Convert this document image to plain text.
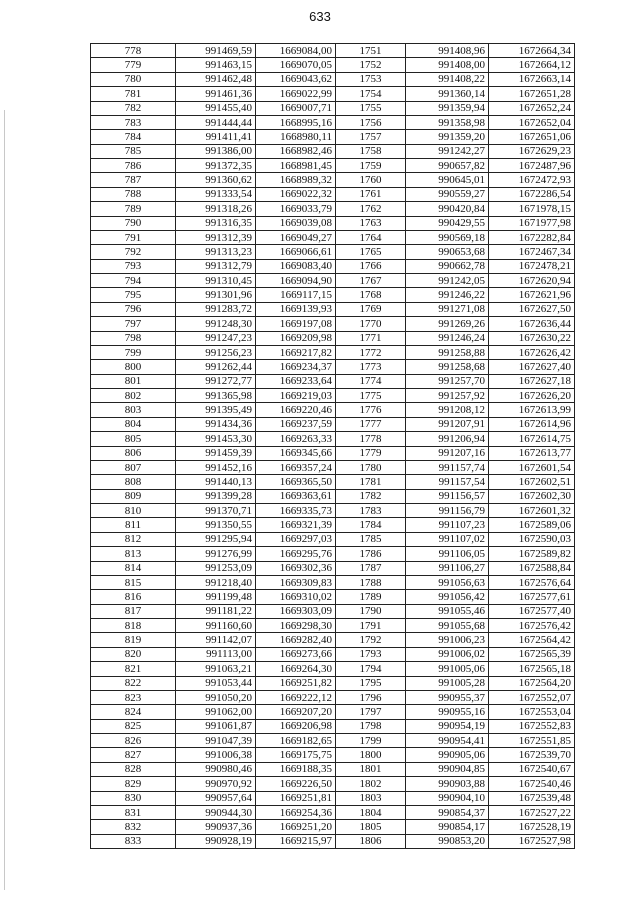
633
778	991469,59	1669084,00	1751	991408,96	1672664,34
779	991463,15	1669070,05	1752	991408,00	1672664,12
780	991462,48	1669043,62	1753	991408,22	1672663,14
781	991461,36	1669022,99	1754	991360,14	1672651,28
782	991455,40	1669007,71	1755	991359,94	1672652,24
783	991444,44	1668995,16	1756	991358,98	1672652,04
784	991411,41	1668980,11	1757	991359,20	1672651,06
785	991386,00	1668982,46	1758	991242,27	1672629,23
786	991372,35	1668981,45	1759	990657,82	1672487,96
787	991360,62	1668989,32	1760	990645,01	1672472,93
788	991333,54	1669022,32	1761	990559,27	1672286,54
789	991318,26	1669033,79	1762	990420,84	1671978,15
790	991316,35	1669039,08	1763	990429,55	1671977,98
791	991312,39	1669049,27	1764	990569,18	1672282,84
792	991313,23	1669066,61	1765	990653,68	1672467,34
793	991312,79	1669083,40	1766	990662,78	1672478,21
794	991310,45	1669094,90	1767	991242,05	1672620,94
795	991301,96	1669117,15	1768	991246,22	1672621,96
796	991283,72	1669139,93	1769	991271,08	1672627,50
797	991248,30	1669197,08	1770	991269,26	1672636,44
798	991247,23	1669209,98	1771	991246,24	1672630,22
799	991256,23	1669217,82	1772	991258,88	1672626,42
800	991262,44	1669234,37	1773	991258,68	1672627,40
801	991272,77	1669233,64	1774	991257,70	1672627,18
802	991365,98	1669219,03	1775	991257,92	1672626,20
803	991395,49	1669220,46	1776	991208,12	1672613,99
804	991434,36	1669237,59	1777	991207,91	1672614,96
805	991453,30	1669263,33	1778	991206,94	1672614,75
806	991459,39	1669345,66	1779	991207,16	1672613,77
807	991452,16	1669357,24	1780	991157,74	1672601,54
808	991440,13	1669365,50	1781	991157,54	1672602,51
809	991399,28	1669363,61	1782	991156,57	1672602,30
810	991370,71	1669335,73	1783	991156,79	1672601,32
811	991350,55	1669321,39	1784	991107,23	1672589,06
812	991295,94	1669297,03	1785	991107,02	1672590,03
813	991276,99	1669295,76	1786	991106,05	1672589,82
814	991253,09	1669302,36	1787	991106,27	1672588,84
815	991218,40	1669309,83	1788	991056,63	1672576,64
816	991199,48	1669310,02	1789	991056,42	1672577,61
817	991181,22	1669303,09	1790	991055,46	1672577,40
818	991160,60	1669298,30	1791	991055,68	1672576,42
819	991142,07	1669282,40	1792	991006,23	1672564,42
820	991113,00	1669273,66	1793	991006,02	1672565,39
821	991063,21	1669264,30	1794	991005,06	1672565,18
822	991053,44	1669251,82	1795	991005,28	1672564,20
823	991050,20	1669222,12	1796	990955,37	1672552,07
824	991062,00	1669207,20	1797	990955,16	1672553,04
825	991061,87	1669206,98	1798	990954,19	1672552,83
826	991047,39	1669182,65	1799	990954,41	1672551,85
827	991006,38	1669175,75	1800	990905,06	1672539,70
828	990980,46	1669188,35	1801	990904,85	1672540,67
829	990970,92	1669226,50	1802	990903,88	1672540,46
830	990957,64	1669251,81	1803	990904,10	1672539,48
831	990944,30	1669254,36	1804	990854,37	1672527,22
832	990937,36	1669251,20	1805	990854,17	1672528,19
833	990928,19	1669215,97	1806	990853,20	1672527,98
